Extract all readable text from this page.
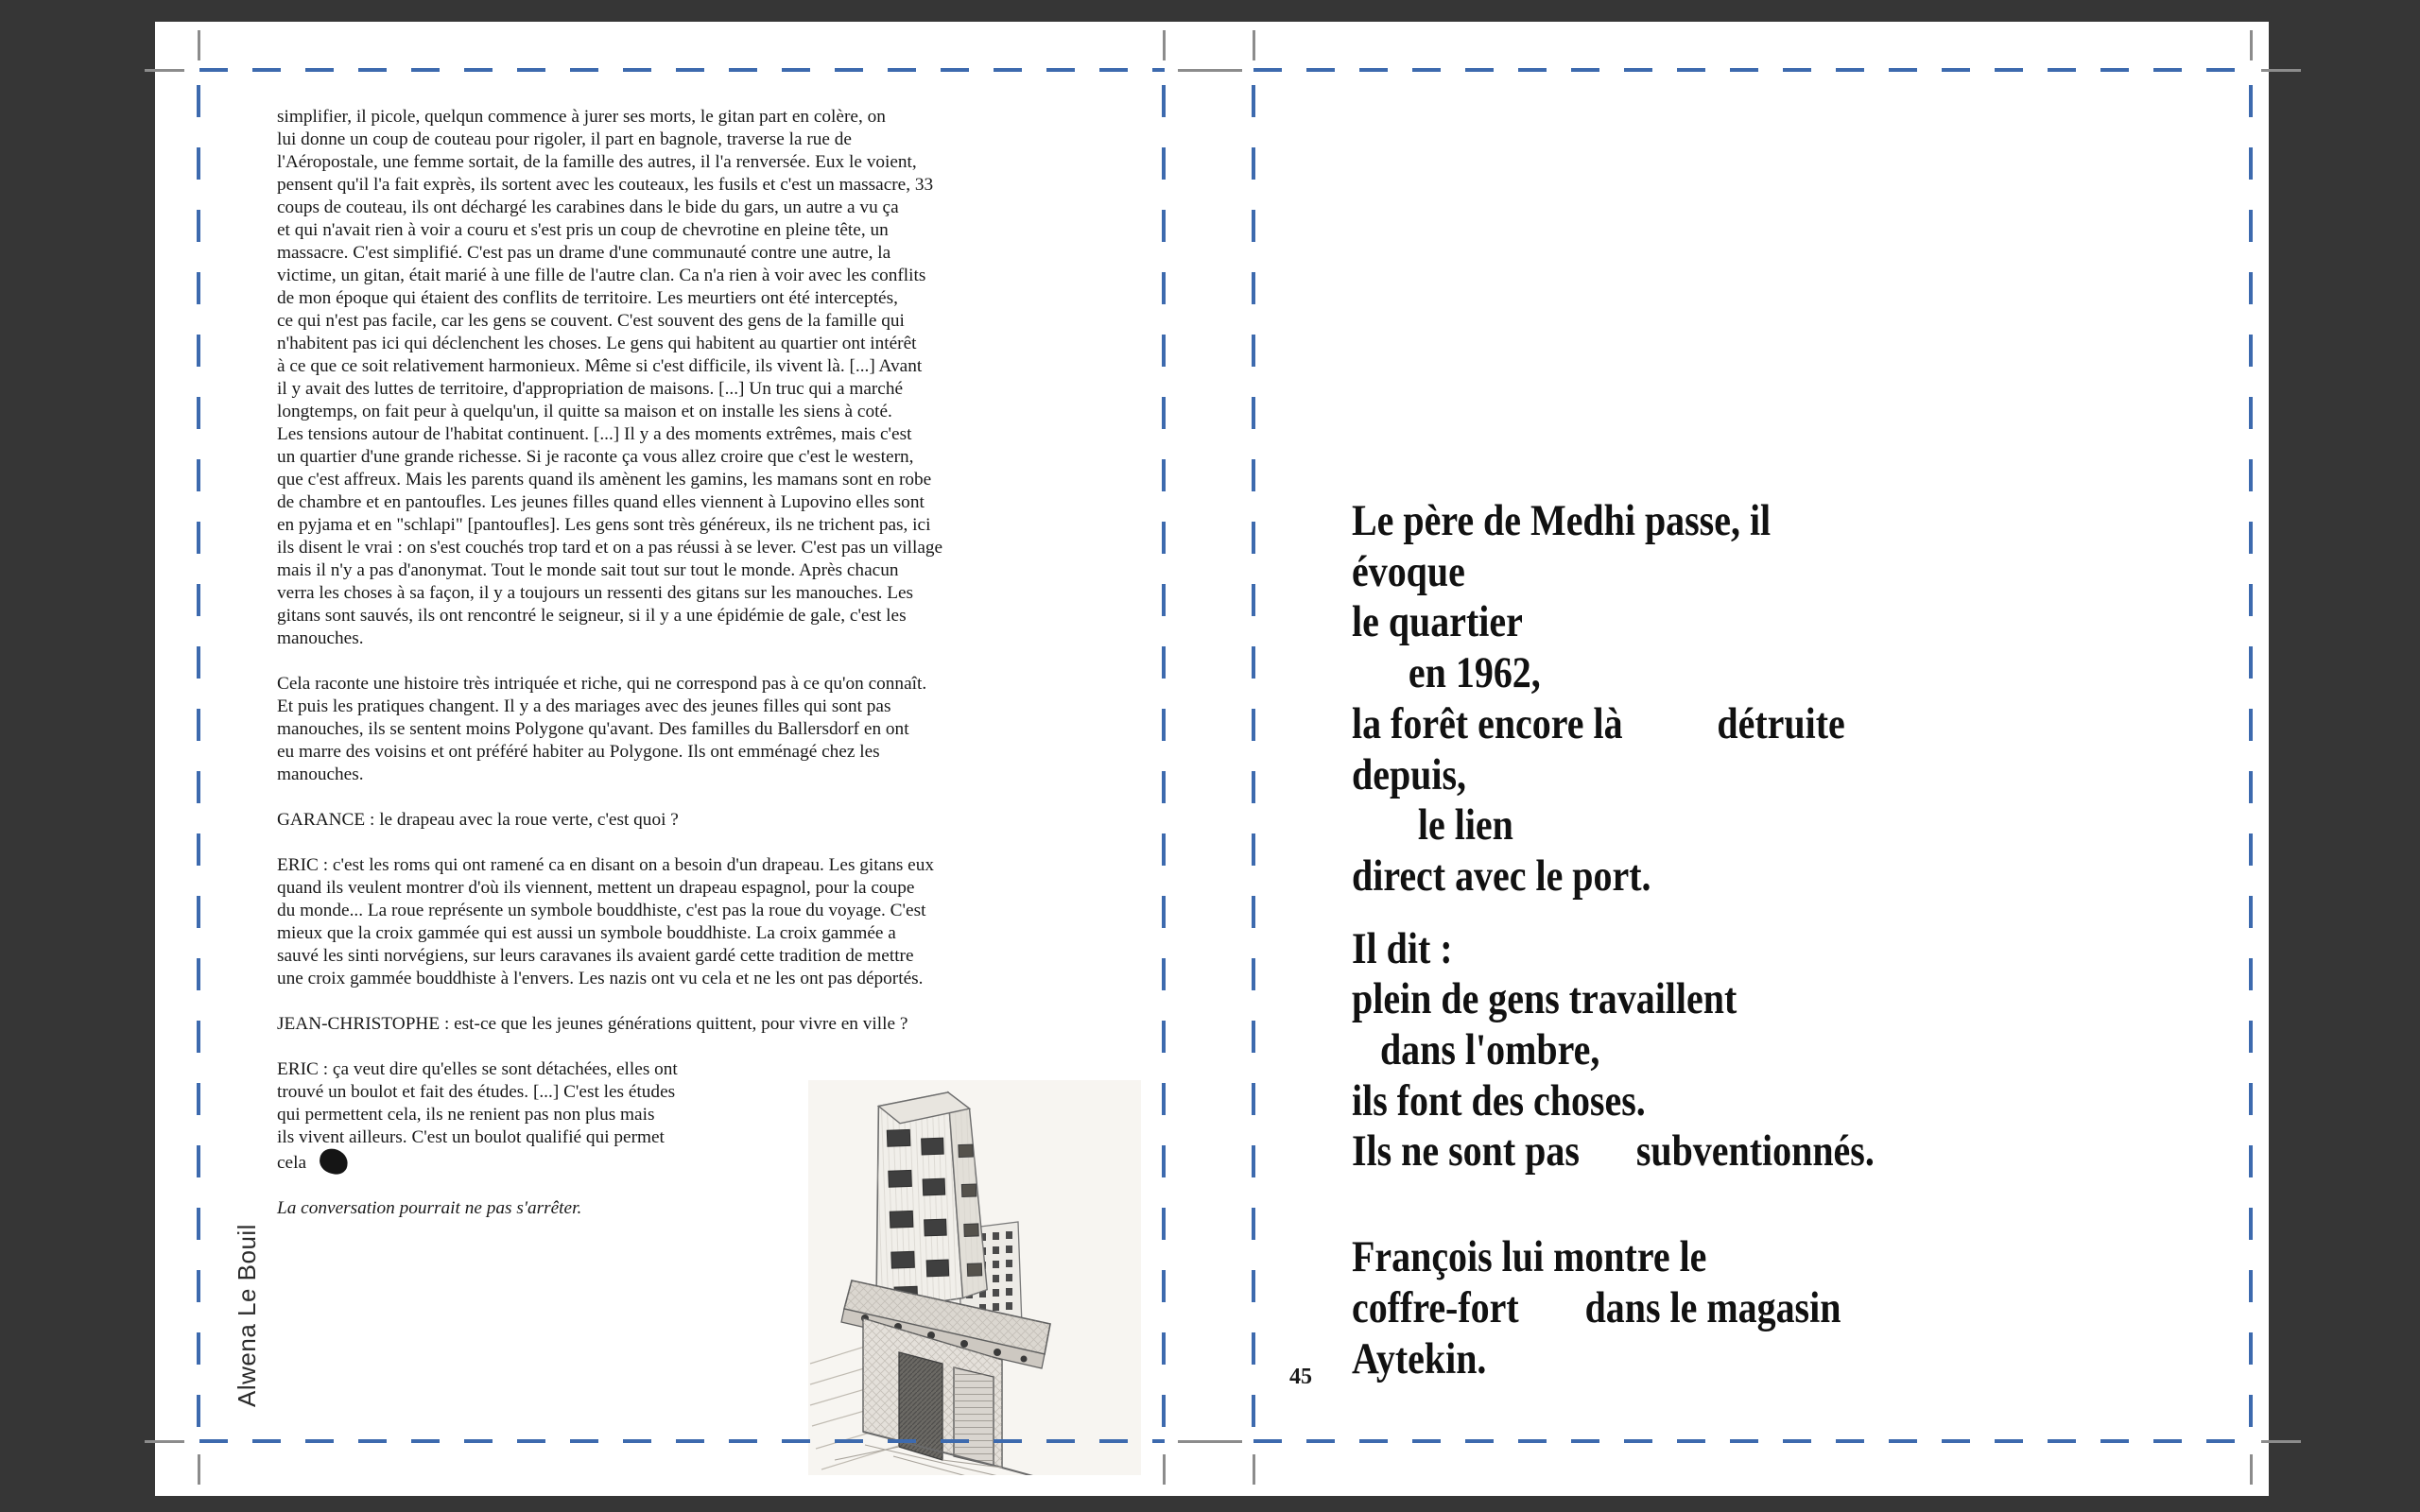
simplifier, il picole, quelqun commence à jurer ses morts, le gitan part en colère, on
lui donne un coup de couteau pour rigoler, il part en bagnole, traverse la rue de
l'Aéropostale, une femme sortait, de la famille des autres, il l'a renversée. Eux le voient,
pensent qu'il l'a fait exprès, ils sortent avec les couteaux, les fusils et c'est un massacre, 33
coups de couteau, ils ont déchargé les carabines dans le bide du gars, un autre a vu ça
et qui n'avait rien à voir a couru et s'est pris un coup de chevrotine en pleine tête, un
massacre. C'est simplifié. C'est pas un drame d'une communauté contre une autre, la
victime, un gitan, était marié à une fille de l'autre clan. Ca n'a rien à voir avec les conflits
de mon époque qui étaient des conflits de territoire. Les meurtiers ont été interceptés,
ce qui n'est pas facile, car les gens se couvent. C'est souvent des gens de la famille qui
n'habitent pas ici qui déclenchent les choses. Le gens qui habitent au quartier ont intérêt
à ce que ce soit relativement harmonieux. Même si c'est difficile, ils vivent là. [...] Avant
il y avait des luttes de territoire, d'appropriation de maisons. [...] Un truc qui a marché
longtemps, on fait peur à quelqu'un, il quitte sa maison et on installe les siens à coté.
Les tensions autour de l'habitat continuent. [...] Il y a des moments extrêmes, mais c'est
un quartier d'une grande richesse. Si je raconte ça vous allez croire que c'est le western,
que c'est affreux. Mais les parents quand ils amènent les gamins, les mamans sont en robe
de chambre et en pantoufles. Les jeunes filles quand elles viennent à Lupovino elles sont
en pyjama et en "schlapi" [pantoufles]. Les gens sont très généreux, ils ne trichent pas, ici
ils disent le vrai : on s'est couchés trop tard et on a pas réussi à se lever. C'est pas un village
mais il n'y a pas d'anonymat. Tout le monde sait tout sur tout le monde. Après chacun
verra les choses à sa façon, il y a toujours un ressenti des gitans sur les manouches. Les
gitans sont sauvés, ils ont rencontré le seigneur, si il y a une épidémie de gale, c'est les
manouches.
Cela raconte une histoire très intriquée et riche, qui ne correspond pas à ce qu'on connaît.
Et puis les pratiques changent. Il y a des mariages avec des jeunes filles qui sont pas
manouches, ils se sentent moins Polygone qu'avant. Des familles du Ballersdorf en ont
eu marre des voisins et ont préféré habiter au Polygone. Ils ont emménagé chez les
manouches.
GARANCE : le drapeau avec la roue verte, c'est quoi ?
ERIC : c'est les roms qui ont ramené ca en disant on a besoin d'un drapeau. Les gitans eux
quand ils veulent montrer d'où ils viennent, mettent un drapeau espagnol, pour la coupe
du monde... La roue représente un symbole bouddhiste, c'est pas la roue du voyage. C'est
mieux que la croix gammée qui est aussi un symbole bouddhiste. La croix gammée a
sauvé les sinti norvégiens, sur leurs caravanes ils avaient gardé cette tradition de mettre
une croix gammée bouddhiste à l'envers. Les nazis ont vu cela et ne les ont pas déportés.
JEAN-CHRISTOPHE : est-ce que les jeunes générations quittent, pour vivre en ville ?
ERIC : ça veut dire qu'elles se sont détachées, elles ont
trouvé un boulot et fait des études. [...] C'est les études
qui permettent cela, ils ne renient pas non plus mais
ils vivent ailleurs. C'est un boulot qualifié qui permet
cela
La conversation pourrait ne pas s'arrêter.
Alwena Le Bouil
Le père de Medhi passe, il
évoque
le quartier
en 1962,
la forêt encore là          détruite
depuis,
le lien
direct avec le port.
Il dit :
plein de gens travaillent
dans l'ombre,
ils font des choses.
Ils ne sont pas      subventionnés.
François lui montre le
coffre-fort       dans le magasin
Aytekin.
45
